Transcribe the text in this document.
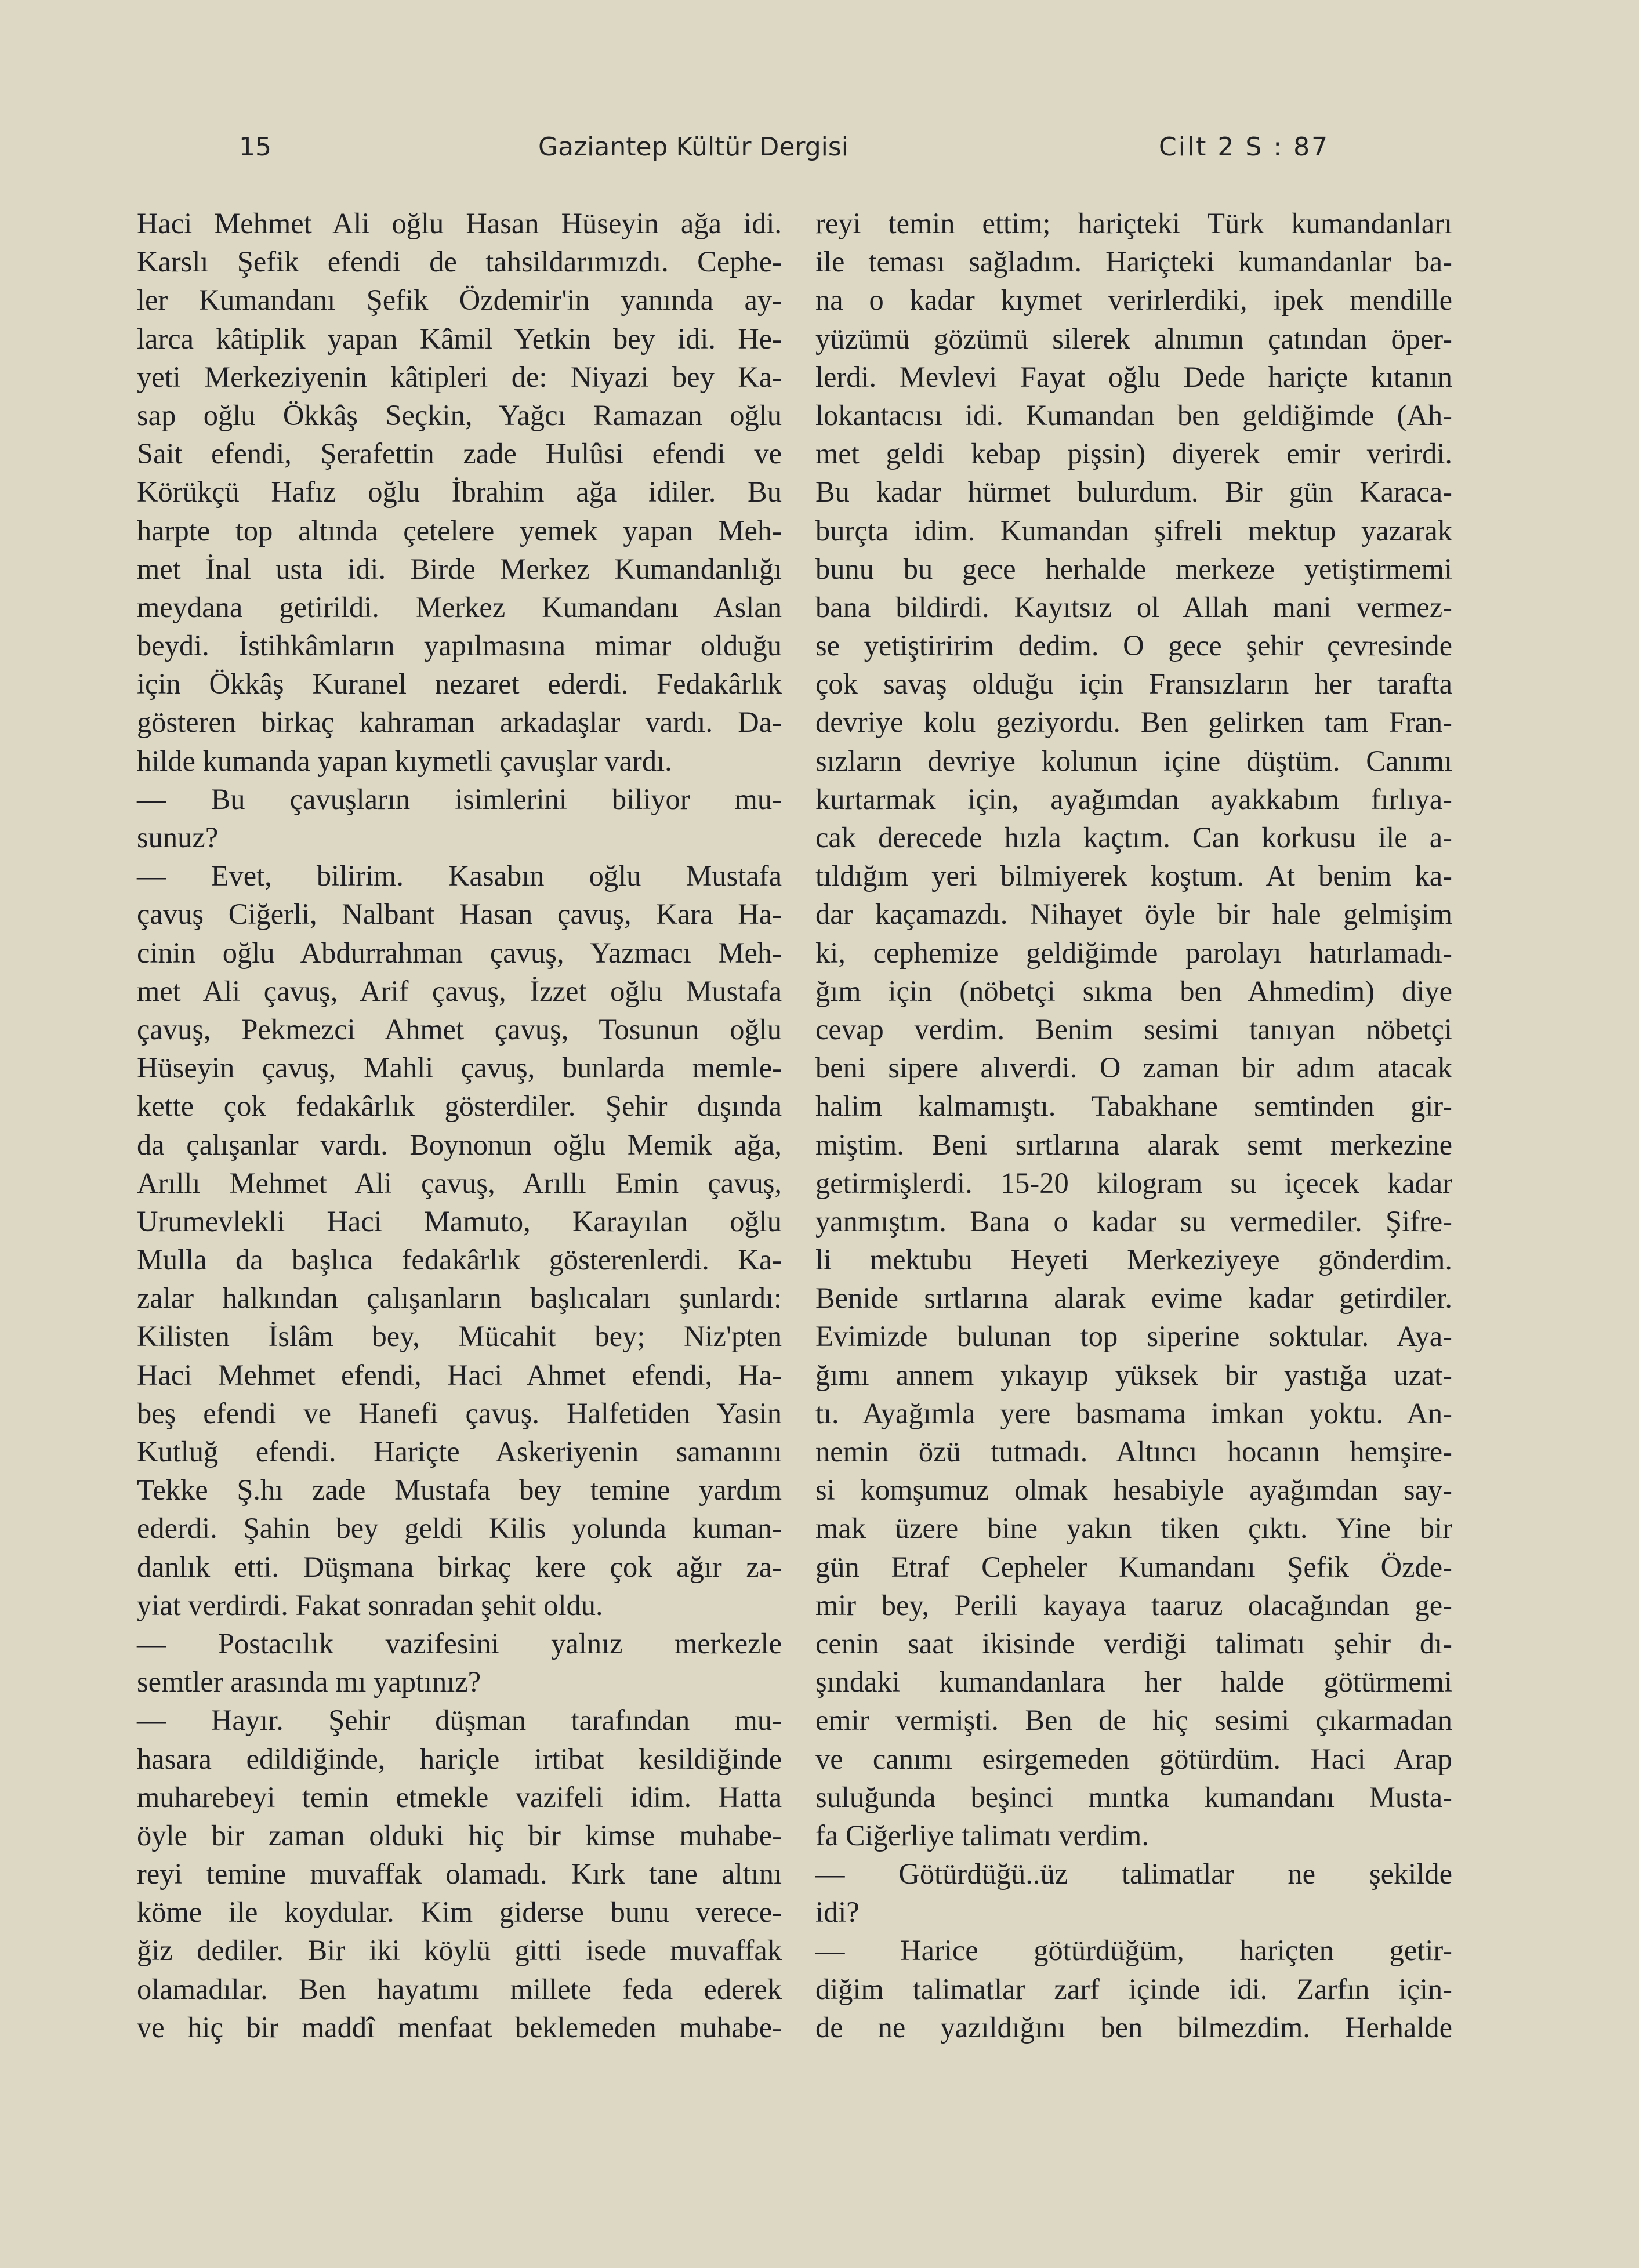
15	Gaziantep Kültür Dergisi	Cilt 2 S : 87
Haci Mehmet Ali oğlu Hasan Hüseyin ağa idi.
Karslı Şefik efendi de tahsildarımızdı. Cephe-
ler Kumandanı Şefik Özdemir'in yanında ay-
larca kâtiplik yapan Kâmil Yetkin bey idi. He-
yeti Merkeziyenin kâtipleri de: Niyazi bey Ka-
sap oğlu Ökkâş Seçkin, Yağcı Ramazan oğlu
Sait efendi, Şerafettin zade Hulûsi efendi ve
Körükçü Hafız oğlu İbrahim ağa idiler. Bu
harpte top altında çetelere yemek yapan Meh-
met İnal usta idi. Birde Merkez Kumandanlığı
meydana getirildi. Merkez Kumandanı Aslan
beydi. İstihkâmların yapılmasına mimar olduğu
için Ökkâş Kuranel nezaret ederdi. Fedakârlık
gösteren birkaç kahraman arkadaşlar vardı. Da-
hilde kumanda yapan kıymetli çavuşlar vardı.
— Bu çavuşların isimlerini biliyor mu-
sunuz?
— Evet, bilirim. Kasabın oğlu Mustafa
çavuş Ciğerli, Nalbant Hasan çavuş, Kara Ha-
cinin oğlu Abdurrahman çavuş, Yazmacı Meh-
met Ali çavuş, Arif çavuş, İzzet oğlu Mustafa
çavuş, Pekmezci Ahmet çavuş, Tosunun oğlu
Hüseyin çavuş, Mahli çavuş, bunlarda memle-
kette çok fedakârlık gösterdiler. Şehir dışında
da çalışanlar vardı. Boynonun oğlu Memik ağa,
Arıllı Mehmet Ali çavuş, Arıllı Emin çavuş,
Urumevlekli Haci Mamuto, Karayılan oğlu
Mulla da başlıca fedakârlık gösterenlerdi. Ka-
zalar halkından çalışanların başlıcaları şunlardı:
Kilisten İslâm bey, Mücahit bey; Niz'pten
Haci Mehmet efendi, Haci Ahmet efendi, Ha-
beş efendi ve Hanefi çavuş. Halfetiden Yasin
Kutluğ efendi. Hariçte Askeriyenin samanını
Tekke Ş.hı zade Mustafa bey temine yardım
ederdi. Şahin bey geldi Kilis yolunda kuman-
danlık etti. Düşmana birkaç kere çok ağır za-
yiat verdirdi. Fakat sonradan şehit oldu.
— Postacılık vazifesini yalnız merkezle
semtler arasında mı yaptınız?
— Hayır. Şehir düşman tarafından mu-
hasara edildiğinde, hariçle irtibat kesildiğinde
muharebeyi temin etmekle vazifeli idim. Hatta
öyle bir zaman olduki hiç bir kimse muhabe-
reyi temine muvaffak olamadı. Kırk tane altını
köme ile koydular. Kim giderse bunu verece-
ğiz dediler. Bir iki köylü gitti isede muvaffak
olamadılar. Ben hayatımı millete feda ederek
ve hiç bir maddî menfaat beklemeden muhabe-
reyi temin ettim; hariçteki Türk kumandanları
ile teması sağladım. Hariçteki kumandanlar ba-
na o kadar kıymet verirlerdiki, ipek mendille
yüzümü gözümü silerek alnımın çatından öper-
lerdi. Mevlevi Fayat oğlu Dede hariçte kıtanın
lokantacısı idi. Kumandan ben geldiğimde (Ah-
met geldi kebap pişsin) diyerek emir verirdi.
Bu kadar hürmet bulurdum. Bir gün Karaca-
burçta idim. Kumandan şifreli mektup yazarak
bunu bu gece herhalde merkeze yetiştirmemi
bana bildirdi. Kayıtsız ol Allah mani vermez-
se yetiştiririm dedim. O gece şehir çevresinde
çok savaş olduğu için Fransızların her tarafta
devriye kolu geziyordu. Ben gelirken tam Fran-
sızların devriye kolunun içine düştüm. Canımı
kurtarmak için, ayağımdan ayakkabım fırlıya-
cak derecede hızla kaçtım. Can korkusu ile a-
tıldığım yeri bilmiyerek koştum. At benim ka-
dar kaçamazdı. Nihayet öyle bir hale gelmişim
ki, cephemize geldiğimde parolayı hatırlamadı-
ğım için (nöbetçi sıkma ben Ahmedim) diye
cevap verdim. Benim sesimi tanıyan nöbetçi
beni sipere alıverdi. O zaman bir adım atacak
halim kalmamıştı. Tabakhane semtinden gir-
miştim. Beni sırtlarına alarak semt merkezine
getirmişlerdi. 15-20 kilogram su içecek kadar
yanmıştım. Bana o kadar su vermediler. Şifre-
li mektubu Heyeti Merkeziyeye gönderdim.
Benide sırtlarına alarak evime kadar getirdiler.
Evimizde bulunan top siperine soktular. Aya-
ğımı annem yıkayıp yüksek bir yastığa uzat-
tı. Ayağımla yere basmama imkan yoktu. An-
nemin özü tutmadı. Altıncı hocanın hemşire-
si komşumuz olmak hesabiyle ayağımdan say-
mak üzere bine yakın tiken çıktı. Yine bir
gün Etraf Cepheler Kumandanı Şefik Özde-
mir bey, Perili kayaya taaruz olacağından ge-
cenin saat ikisinde verdiği talimatı şehir dı-
şındaki kumandanlara her halde götürmemi
emir vermişti. Ben de hiç sesimi çıkarmadan
ve canımı esirgemeden götürdüm. Haci Arap
suluğunda beşinci mıntka kumandanı Musta-
fa Ciğerliye talimatı verdim.
— Götürdüğü..üz talimatlar ne şekilde
idi?
— Harice götürdüğüm, hariçten getir-
diğim talimatlar zarf içinde idi. Zarfın için-
de ne yazıldığını ben bilmezdim. Herhalde
